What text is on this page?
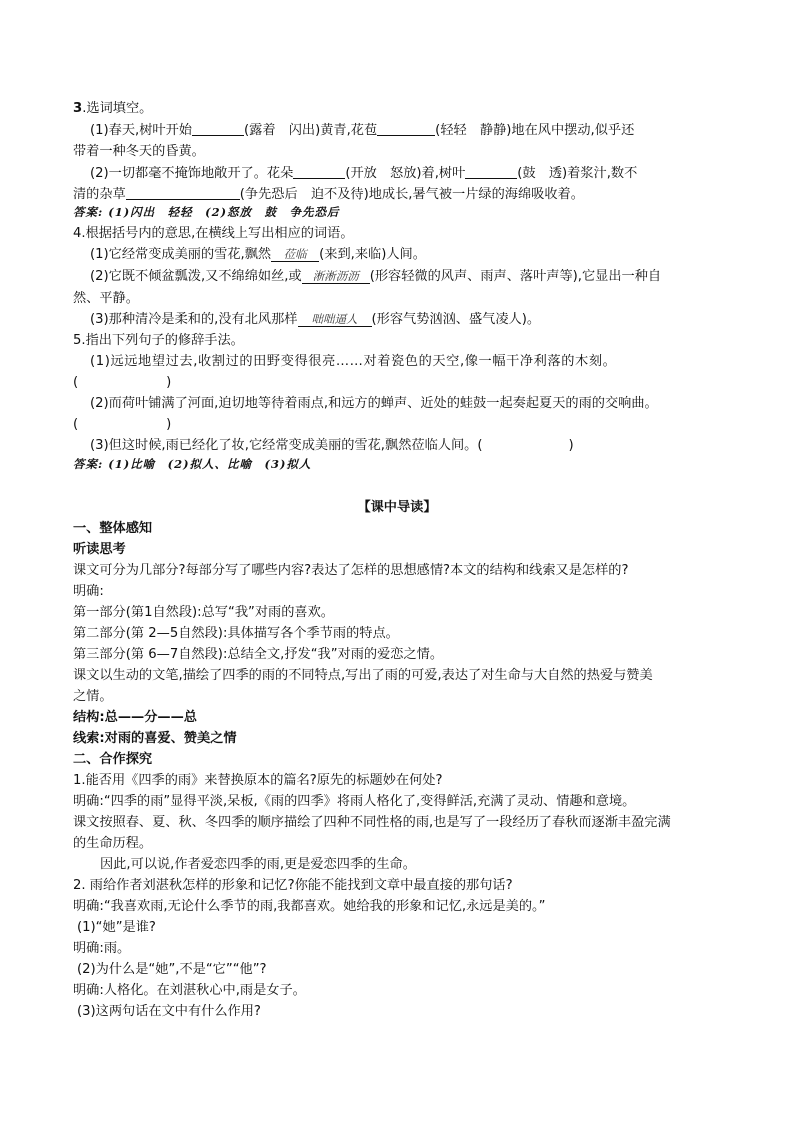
3.选词填空。
(1)春天,树叶开始	(露着　闪出)黄青,花苞	(轻轻　静静)地在风中摆动,似乎还
带着一种冬天的昏黄。
(2)一切都毫不掩饰地敞开了。花朵	(开放　怒放)着,树叶	(鼓　透)着浆汁,数不
清的杂草	(争先恐后　迫不及待)地成长,暑气被一片绿的海绵吸收着。
答案: (1)闪出　轻轻　(2)怒放　鼓　争先恐后
4.根据括号内的意思,在横线上写出相应的词语。
(1)它经常变成美丽的雪花,飘然 莅临 (来到,来临)人间。
(2)它既不倾盆瓢泼,又不绵绵如丝,或 淅淅沥沥 (形容轻微的风声、雨声、落叶声等),它显出一种自
然、平静。
(3)那种清冷是柔和的,没有北风那样 咄咄逼人 (形容气势汹汹、盛气凌人)。
5.指出下列句子的修辞手法。
(1)远远地望过去,收割过的田野变得很亮……对着瓷色的天空,像一幅干净利落的木刻。
(	)
(2)而荷叶铺满了河面,迫切地等待着雨点,和远方的蝉声、近处的蛙鼓一起奏起夏天的雨的交响曲。
(	)
(3)但这时候,雨已经化了妆,它经常变成美丽的雪花,飘然莅临人间。(	)
答案: (1)比喻　(2)拟人、比喻　(3)拟人
【课中导读】
一、整体感知
听读思考
课文可分为几部分?每部分写了哪些内容?表达了怎样的思想感情?本文的结构和线索又是怎样的?
明确:
第一部分(第1自然段):总写“我”对雨的喜欢。
第二部分(第 2—5自然段):具体描写各个季节雨的特点。
第三部分(第 6—7自然段):总结全文,抒发“我”对雨的爱恋之情。
课文以生动的文笔,描绘了四季的雨的不同特点,写出了雨的可爱,表达了对生命与大自然的热爱与赞美
之情。
结构:总——分——总
线索:对雨的喜爱、赞美之情
二、合作探究
1.能否用《四季的雨》来替换原本的篇名?原先的标题妙在何处?
明确:“四季的雨”显得平淡,呆板,《雨的四季》将雨人格化了,变得鲜活,充满了灵动、情趣和意境。
课文按照春、夏、秋、冬四季的顺序描绘了四种不同性格的雨,也是写了一段经历了春秋而逐渐丰盈完满
的生命历程。
因此,可以说,作者爱恋四季的雨,更是爱恋四季的生命。
2. 雨给作者刘湛秋怎样的形象和记忆?你能不能找到文章中最直接的那句话?
明确:“我喜欢雨,无论什么季节的雨,我都喜欢。她给我的形象和记忆,永远是美的。”
(1)“她”是谁?
明确:雨。
(2)为什么是“她”,不是“它”“他”?
明确:人格化。在刘湛秋心中,雨是女子。
(3)这两句话在文中有什么作用?
